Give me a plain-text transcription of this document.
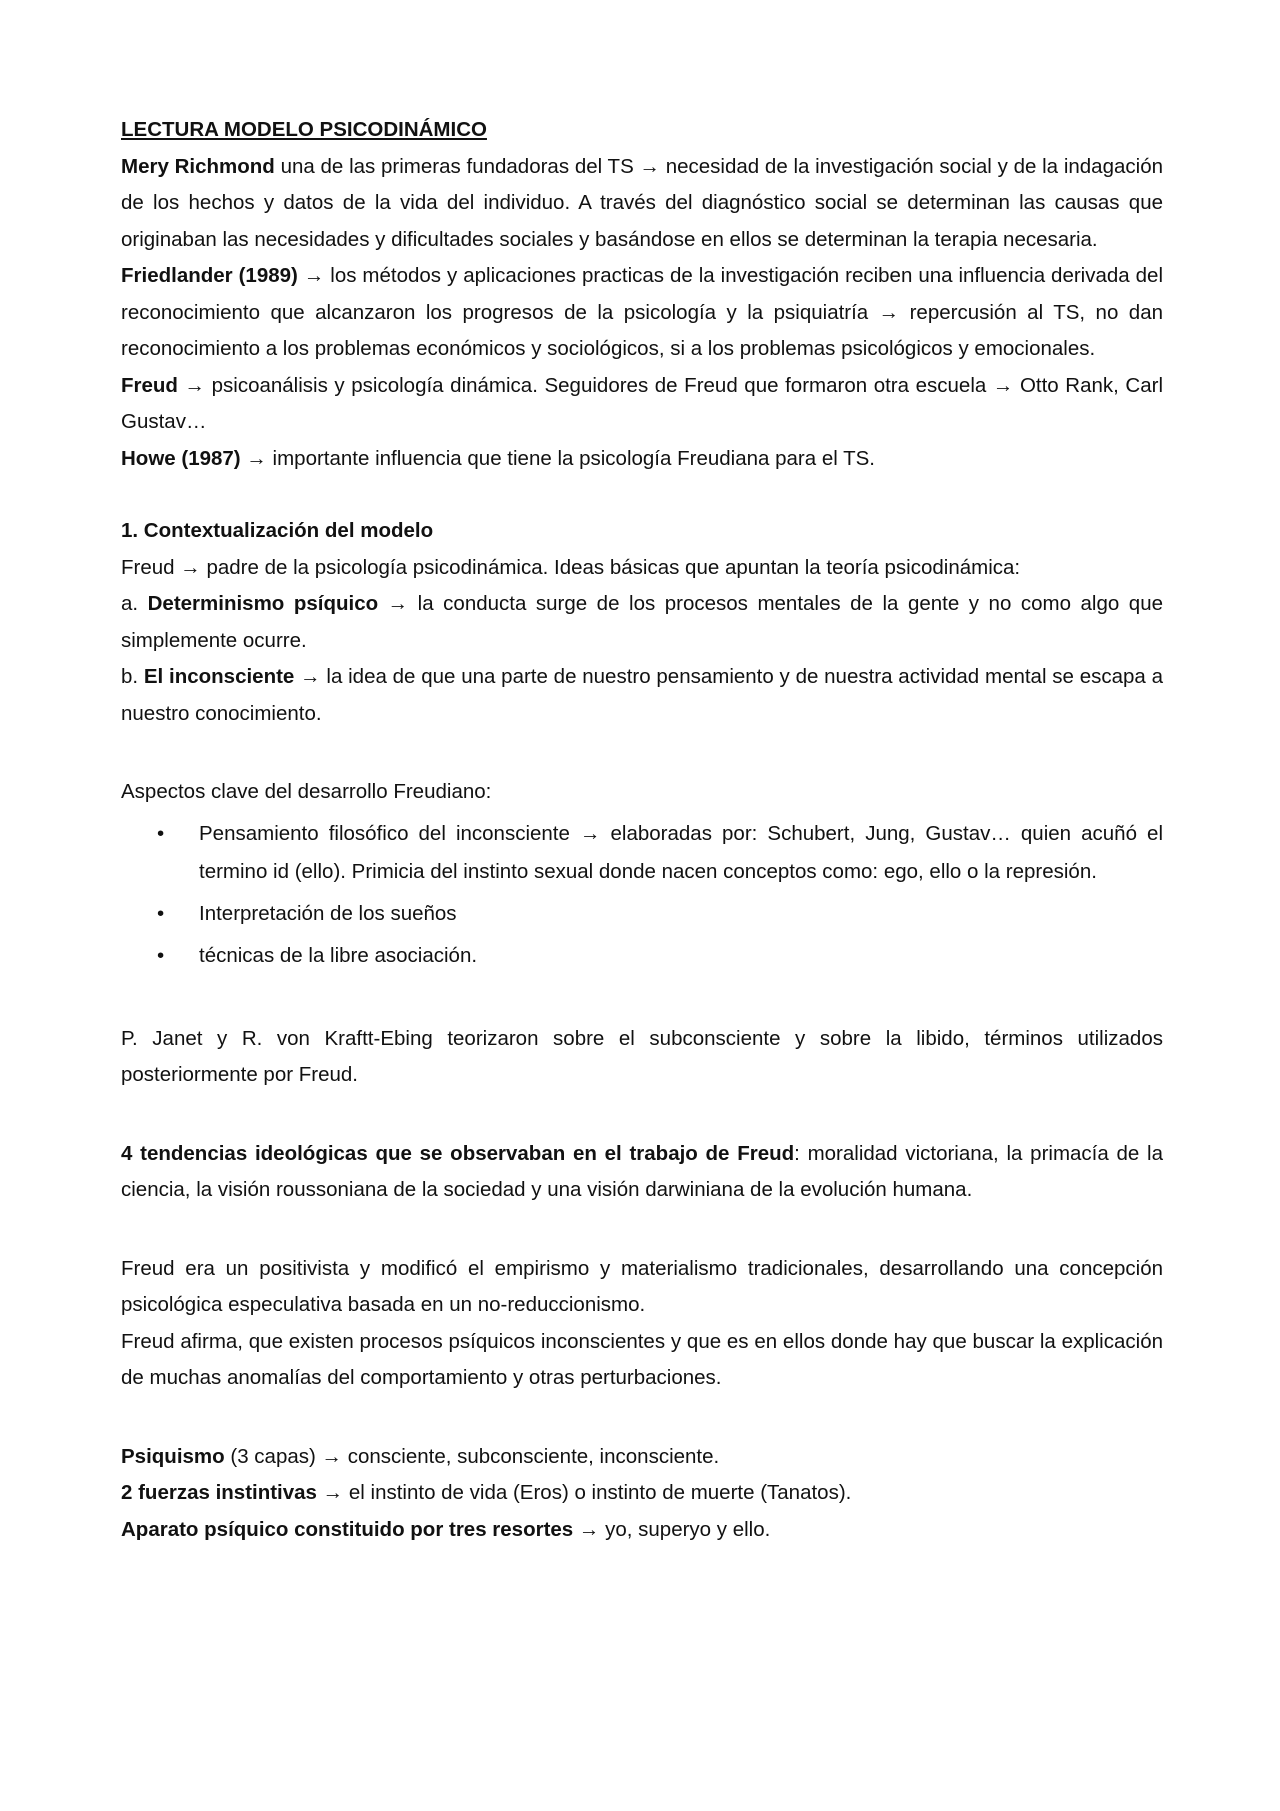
LECTURA MODELO PSICODINÁMICO

Mery Richmond una de las primeras fundadoras del TS → necesidad de la investigación social y de la indagación de los hechos y datos de la vida del individuo. A través del diagnóstico social se determinan las causas que originaban las necesidades y dificultades sociales y basándose en ellos se determinan la terapia necesaria.

Friedlander (1989) → los métodos y aplicaciones practicas de la investigación reciben una influencia derivada del reconocimiento que alcanzaron los progresos de la psicología y la psiquiatría → repercusión al TS, no dan reconocimiento a los problemas económicos y sociológicos, si a los problemas psicológicos y emocionales.

Freud → psicoanálisis y psicología dinámica. Seguidores de Freud que formaron otra escuela → Otto Rank, Carl Gustav…

Howe (1987) → importante influencia que tiene la psicología Freudiana para el TS.

1. Contextualización del modelo

Freud → padre de la psicología psicodinámica. Ideas básicas que apuntan la teoría psicodinámica:

a. Determinismo psíquico → la conducta surge de los procesos mentales de la gente y no como algo que simplemente ocurre.

b. El inconsciente → la idea de que una parte de nuestro pensamiento y de nuestra actividad mental se escapa a nuestro conocimiento.

Aspectos clave del desarrollo Freudiano:

• Pensamiento filosófico del inconsciente → elaboradas por: Schubert, Jung, Gustav… quien acuñó el termino id (ello). Primicia del instinto sexual donde nacen conceptos como: ego, ello o la represión.
• Interpretación de los sueños
• técnicas de la libre asociación.

P. Janet y R. von Kraftt-Ebing teorizaron sobre el subconsciente y sobre la libido, términos utilizados posteriormente por Freud.

4 tendencias ideológicas que se observaban en el trabajo de Freud: moralidad victoriana, la primacía de la ciencia, la visión roussoniana de la sociedad y una visión darwiniana de la evolución humana.

Freud era un positivista y modificó el empirismo y materialismo tradicionales, desarrollando una concepción psicológica especulativa basada en un no-reduccionismo.

Freud afirma, que existen procesos psíquicos inconscientes y que es en ellos donde hay que buscar la explicación de muchas anomalías del comportamiento y otras perturbaciones.

Psiquismo (3 capas) → consciente, subconsciente, inconsciente.

2 fuerzas instintivas → el instinto de vida (Eros) o instinto de muerte (Tanatos).

Aparato psíquico constituido por tres resortes → yo, superyo y ello.
